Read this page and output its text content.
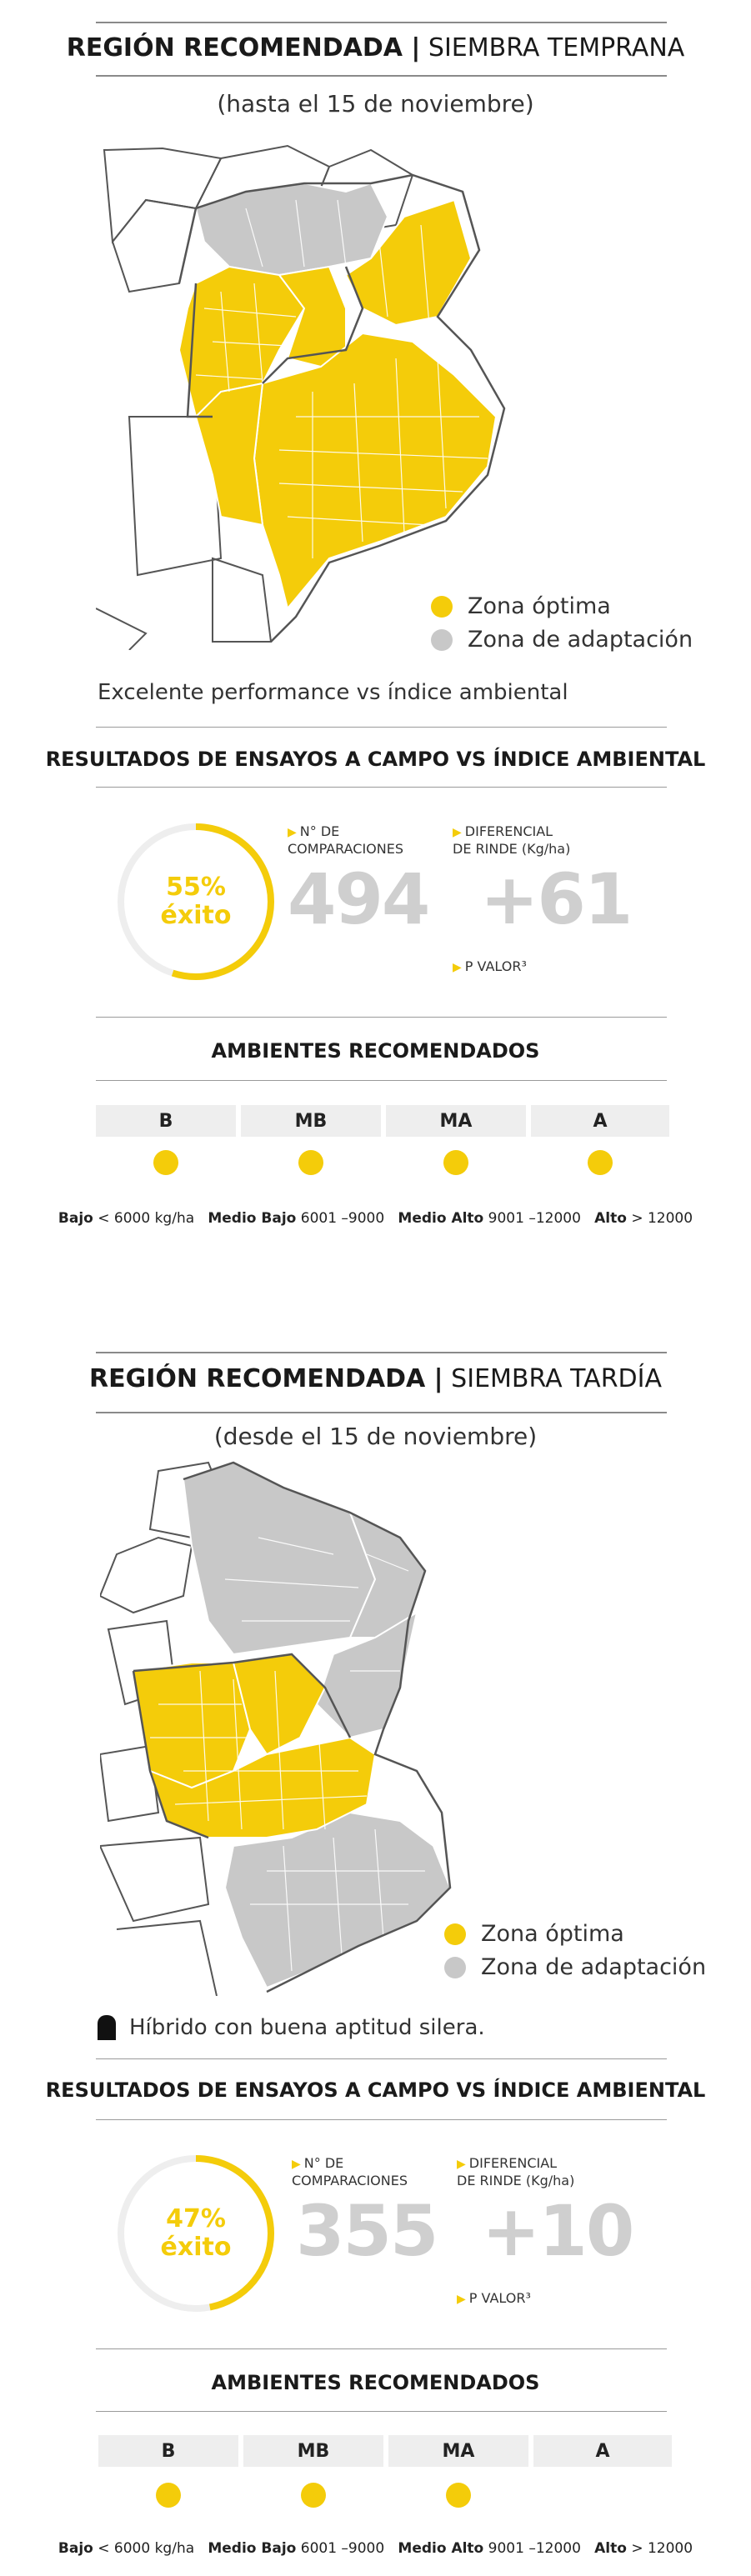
REGIÓN RECOMENDADA | SIEMBRA TEMPRANA
(hasta el 15 de noviembre)
Zona óptima
Zona de adaptación
Excelente performance vs índice ambiental
RESULTADOS DE ENSAYOS A CAMPO VS ÍNDICE AMBIENTAL
55%
éxito
▶ N° DE
COMPARACIONES
494
▶ DIFERENCIAL
DE RINDE (Kg/ha)
+61
▶ P VALOR³
AMBIENTES RECOMENDADOS
B	MB	MA	A
Bajo < 6000 kg/ha Medio Bajo 6001 –9000 Medio Alto 9001 –12000 Alto > 12000
REGIÓN RECOMENDADA | SIEMBRA TARDÍA
(desde el 15 de noviembre)
Zona óptima
Zona de adaptación
Híbrido con buena aptitud silera.
RESULTADOS DE ENSAYOS A CAMPO VS ÍNDICE AMBIENTAL
47%
éxito
▶ N° DE
COMPARACIONES
355
▶ DIFERENCIAL
DE RINDE (Kg/ha)
+10
▶ P VALOR³
AMBIENTES RECOMENDADOS
B	MB	MA	A
Bajo < 6000 kg/ha Medio Bajo 6001 –9000 Medio Alto 9001 –12000 Alto > 12000
